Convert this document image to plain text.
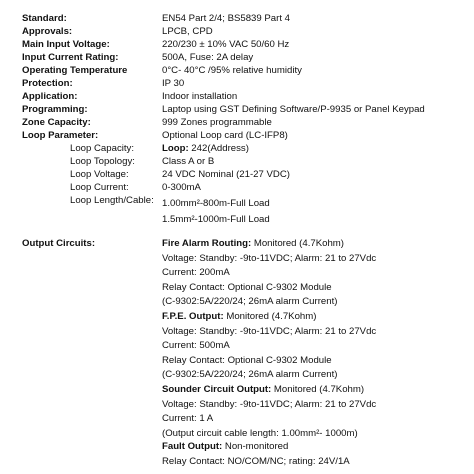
Standard:	EN54 Part 2/4; BS5839 Part 4
Approvals:	LPCB, CPD
Main Input Voltage:	220/230 ± 10% VAC 50/60 Hz
Input Current Rating:	500A, Fuse: 2A delay
Operating Temperature	0°C- 40°C /95% relative humidity
Protection:	IP 30
Application:	Indoor installation
Programming:	Laptop using GST Defining Software/P-9935 or Panel Keypad
Zone Capacity:	999 Zones programmable
Loop Parameter:	Optional Loop card (LC-IFP8)
Loop Capacity:	Loop: 242(Address)
Loop Topology:	Class A or B
Loop Voltage:	24 VDC Nominal (21-27 VDC)
Loop Current:	0-300mA
Loop Length/Cable: 1.00mm²-800m-Full Load
1.5mm²-1000m-Full Load
Output Circuits:	Fire Alarm Routing: Monitored (4.7Kohm)
Voltage: Standby: -9to-11VDC; Alarm: 21 to 27Vdc
Current: 200mA
Relay Contact: Optional C-9302 Module
(C-9302:5A/220/24; 26mA alarm Current)
F.P.E. Output: Monitored (4.7Kohm)
Voltage: Standby: -9to-11VDC; Alarm: 21 to 27Vdc
Current: 500mA
Relay Contact: Optional C-9302 Module
(C-9302:5A/220/24; 26mA alarm Current)
Sounder Circuit Output: Monitored (4.7Kohm)
Voltage: Standby: -9to-11VDC; Alarm: 21 to 27Vdc
Current: 1 A
(Output circuit cable length: 1.00mm²- 1000m)
Fault Output: Non-monitored
Relay Contact: NO/COM/NC; rating: 24V/1A
